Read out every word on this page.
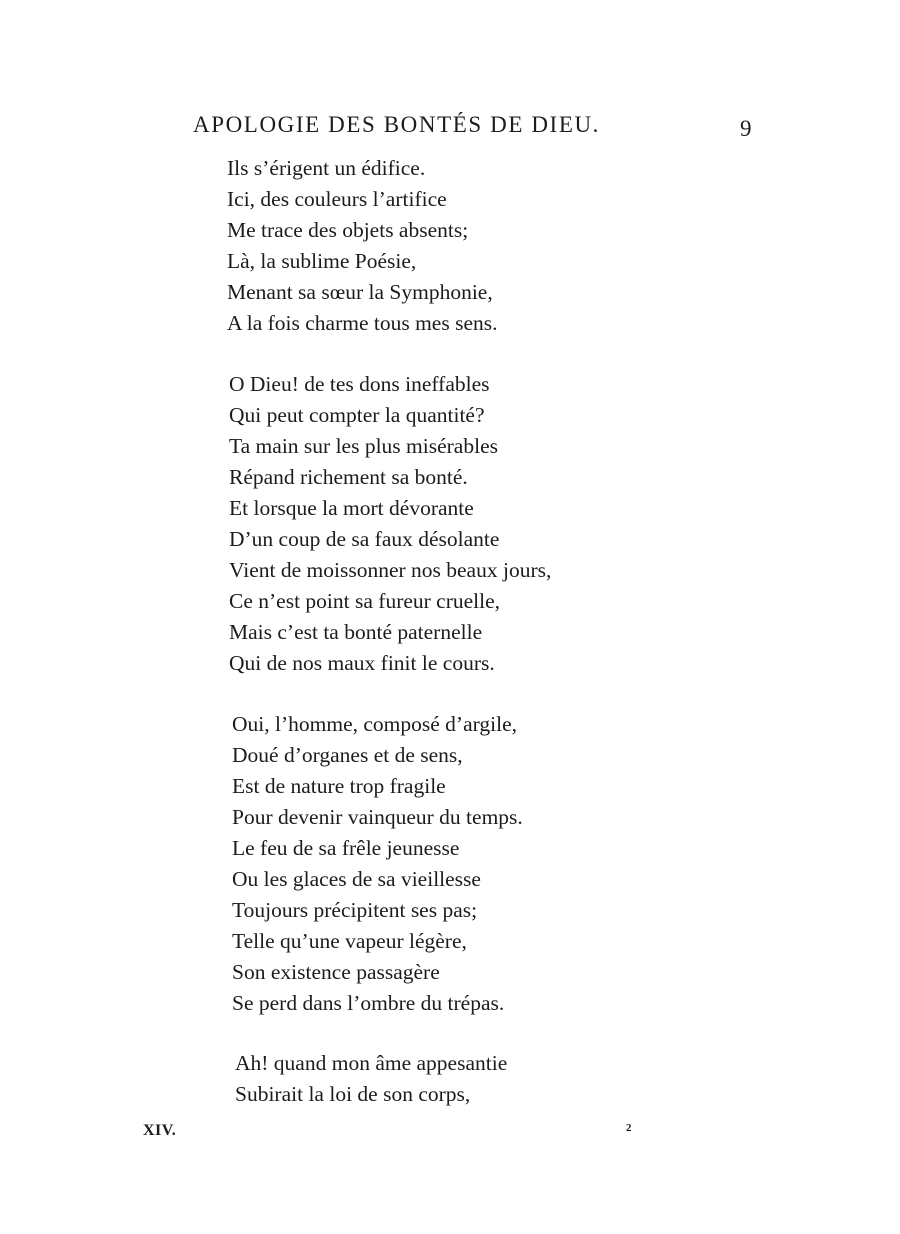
APOLOGIE DES BONTÉS DE DIEU.	9
Ils s’érigent un édifice.
Ici, des couleurs l’artifice
Me trace des objets absents;
Là, la sublime Poésie,
Menant sa sœur la Symphonie,
A la fois charme tous mes sens.
O Dieu! de tes dons ineffables
Qui peut compter la quantité?
Ta main sur les plus misérables
Répand richement sa bonté.
Et lorsque la mort dévorante
D’un coup de sa faux désolante
Vient de moissonner nos beaux jours,
Ce n’est point sa fureur cruelle,
Mais c’est ta bonté paternelle
Qui de nos maux finit le cours.
Oui, l’homme, composé d’argile,
Doué d’organes et de sens,
Est de nature trop fragile
Pour devenir vainqueur du temps.
Le feu de sa frêle jeunesse
Ou les glaces de sa vieillesse
Toujours précipitent ses pas;
Telle qu’une vapeur légère,
Son existence passagère
Se perd dans l’ombre du trépas.
Ah! quand mon âme appesantie
Subirait la loi de son corps,
XIV.	2
